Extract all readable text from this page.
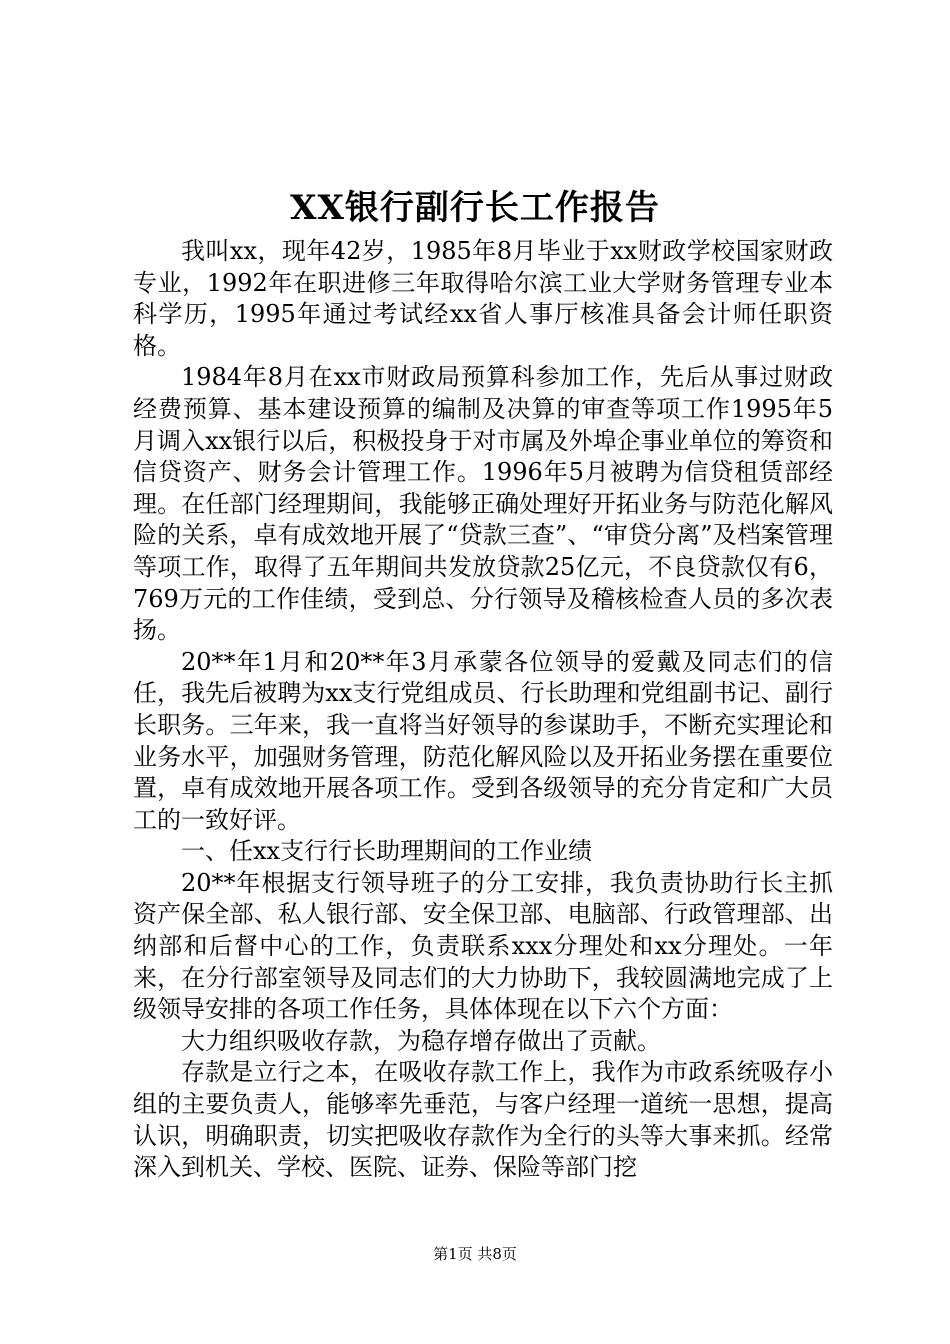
XX银行副行长工作报告

我叫xx，现年42岁，1985年8月毕业于xx财政学校国家财政专业，1992年在职进修三年取得哈尔滨工业大学财务管理专业本科学历，1995年通过考试经xx省人事厅核准具备会计师任职资格。

1984年8月在xx市财政局预算科参加工作，先后从事过财政经费预算、基本建设预算的编制及决算的审查等项工作1995年5月调入xx银行以后，积极投身于对市属及外埠企事业单位的筹资和信贷资产、财务会计管理工作。1996年5月被聘为信贷租赁部经理。在任部门经理期间，我能够正确处理好开拓业务与防范化解风险的关系，卓有成效地开展了“贷款三查”、“审贷分离”及档案管理等项工作，取得了五年期间共发放贷款25亿元，不良贷款仅有6，769万元的工作佳绩，受到总、分行领导及稽核检查人员的多次表扬。

20**年1月和20**年3月承蒙各位领导的爱戴及同志们的信任，我先后被聘为xx支行党组成员、行长助理和党组副书记、副行长职务。三年来，我一直将当好领导的参谋助手，不断充实理论和业务水平，加强财务管理，防范化解风险以及开拓业务摆在重要位置，卓有成效地开展各项工作。受到各级领导的充分肯定和广大员工的一致好评。

一、任xx支行行长助理期间的工作业绩

20**年根据支行领导班子的分工安排，我负责协助行长主抓资产保全部、私人银行部、安全保卫部、电脑部、行政管理部、出纳部和后督中心的工作，负责联系xxx分理处和xx分理处。一年来，在分行部室领导及同志们的大力协助下，我较圆满地完成了上级领导安排的各项工作任务，具体体现在以下六个方面：

大力组织吸收存款，为稳存增存做出了贡献。

存款是立行之本，在吸收存款工作上，我作为市政系统吸存小组的主要负责人，能够率先垂范，与客户经理一道统一思想，提高认识，明确职责，切实把吸收存款作为全行的头等大事来抓。经常深入到机关、学校、医院、证券、保险等部门挖

第1页 共8页
